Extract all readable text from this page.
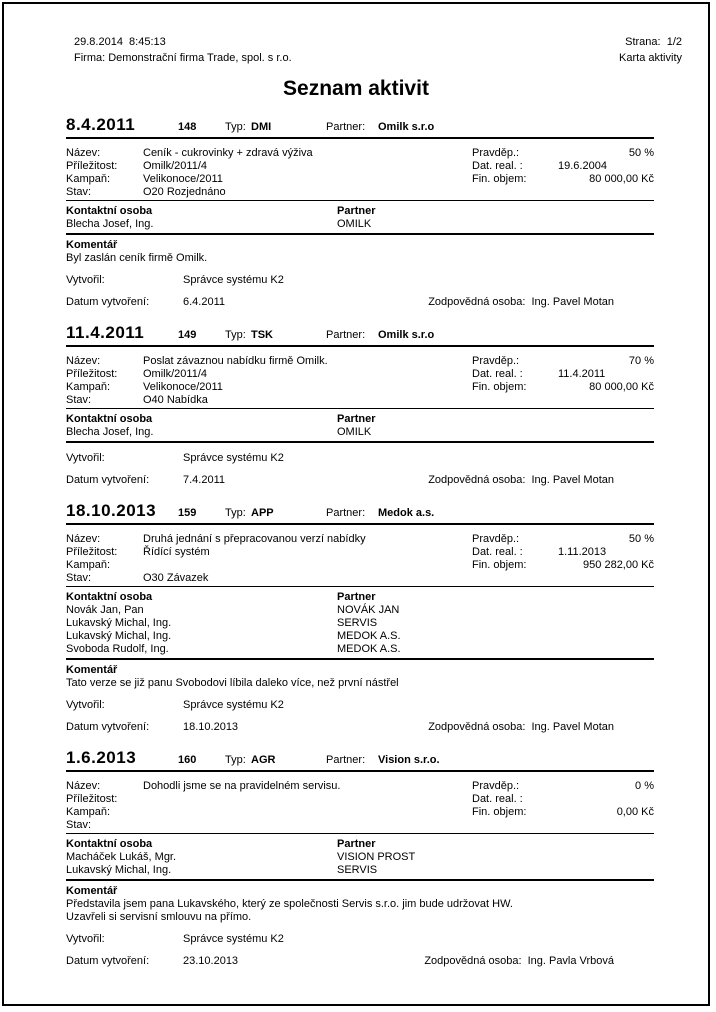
29.8.2014  8:45:13	Strana: 1/2
Firma: Demonstrační firma Trade, spol. s r.o.	Karta aktivity
Seznam aktivit
8.4.2011	148	Typ: DMI	Partner:	Omilk s.r.o
Název:	Ceník - cukrovinky + zdravá výživa
Příležitost:	Omilk/2011/4
Kampaň:	Velikonoce/2011
Stav:	O20 Rozjednáno
Pravděp.:	50 %
Dat. real. :	19.6.2004
Fin. objem:	80 000,00 Kč
Kontaktní osoba	Partner
Blecha Josef, Ing.	OMILK
Komentář
Byl zaslán ceník firmě Omilk.
Vytvořil:	Správce systému K2
Datum vytvoření:	6.4.2011	Zodpovědná osoba: Ing. Pavel Motan
11.4.2011	149	Typ: TSK	Partner:	Omilk s.r.o
Název:	Poslat závaznou nabídku firmě Omilk.
Příležitost:	Omilk/2011/4
Kampaň:	Velikonoce/2011
Stav:	O40 Nabídka
Pravděp.:	70 %
Dat. real. :	11.4.2011
Fin. objem:	80 000,00 Kč
Kontaktní osoba	Partner
Blecha Josef, Ing.	OMILK
Vytvořil:	Správce systému K2
Datum vytvoření:	7.4.2011	Zodpovědná osoba: Ing. Pavel Motan
18.10.2013	159	Typ: APP	Partner:	Medok a.s.
Název:	Druhá jednání s přepracovanou verzí nabídky
Příležitost:	Řídící systém
Kampaň:
Stav:	O30 Závazek
Pravděp.:	50 %
Dat. real. :	1.11.2013
Fin. objem:	950 282,00 Kč
Kontaktní osoba	Partner
Novák Jan, Pan	NOVÁK JAN
Lukavský Michal, Ing.	SERVIS
Lukavský Michal, Ing.	MEDOK A.S.
Svoboda Rudolf, Ing.	MEDOK A.S.
Komentář
Tato verze se již panu Svobodovi líbila daleko více, než první nástřel
Vytvořil:	Správce systému K2
Datum vytvoření:	18.10.2013	Zodpovědná osoba: Ing. Pavel Motan
1.6.2013	160	Typ: AGR	Partner:	Vision s.r.o.
Název:	Dohodli jsme se na pravidelném servisu.
Příležitost:
Kampaň:
Stav:
Pravděp.:	0 %
Dat. real. :
Fin. objem:	0,00 Kč
Kontaktní osoba	Partner
Macháček Lukáš, Mgr.	VISION PROST
Lukavský Michal, Ing.	SERVIS
Komentář
Představila jsem pana Lukavského, který ze společnosti Servis s.r.o. jim bude udržovat HW.
Uzavřeli si servisní smlouvu na přímo.
Vytvořil:	Správce systému K2
Datum vytvoření:	23.10.2013	Zodpovědná osoba: Ing. Pavla Vrbová
